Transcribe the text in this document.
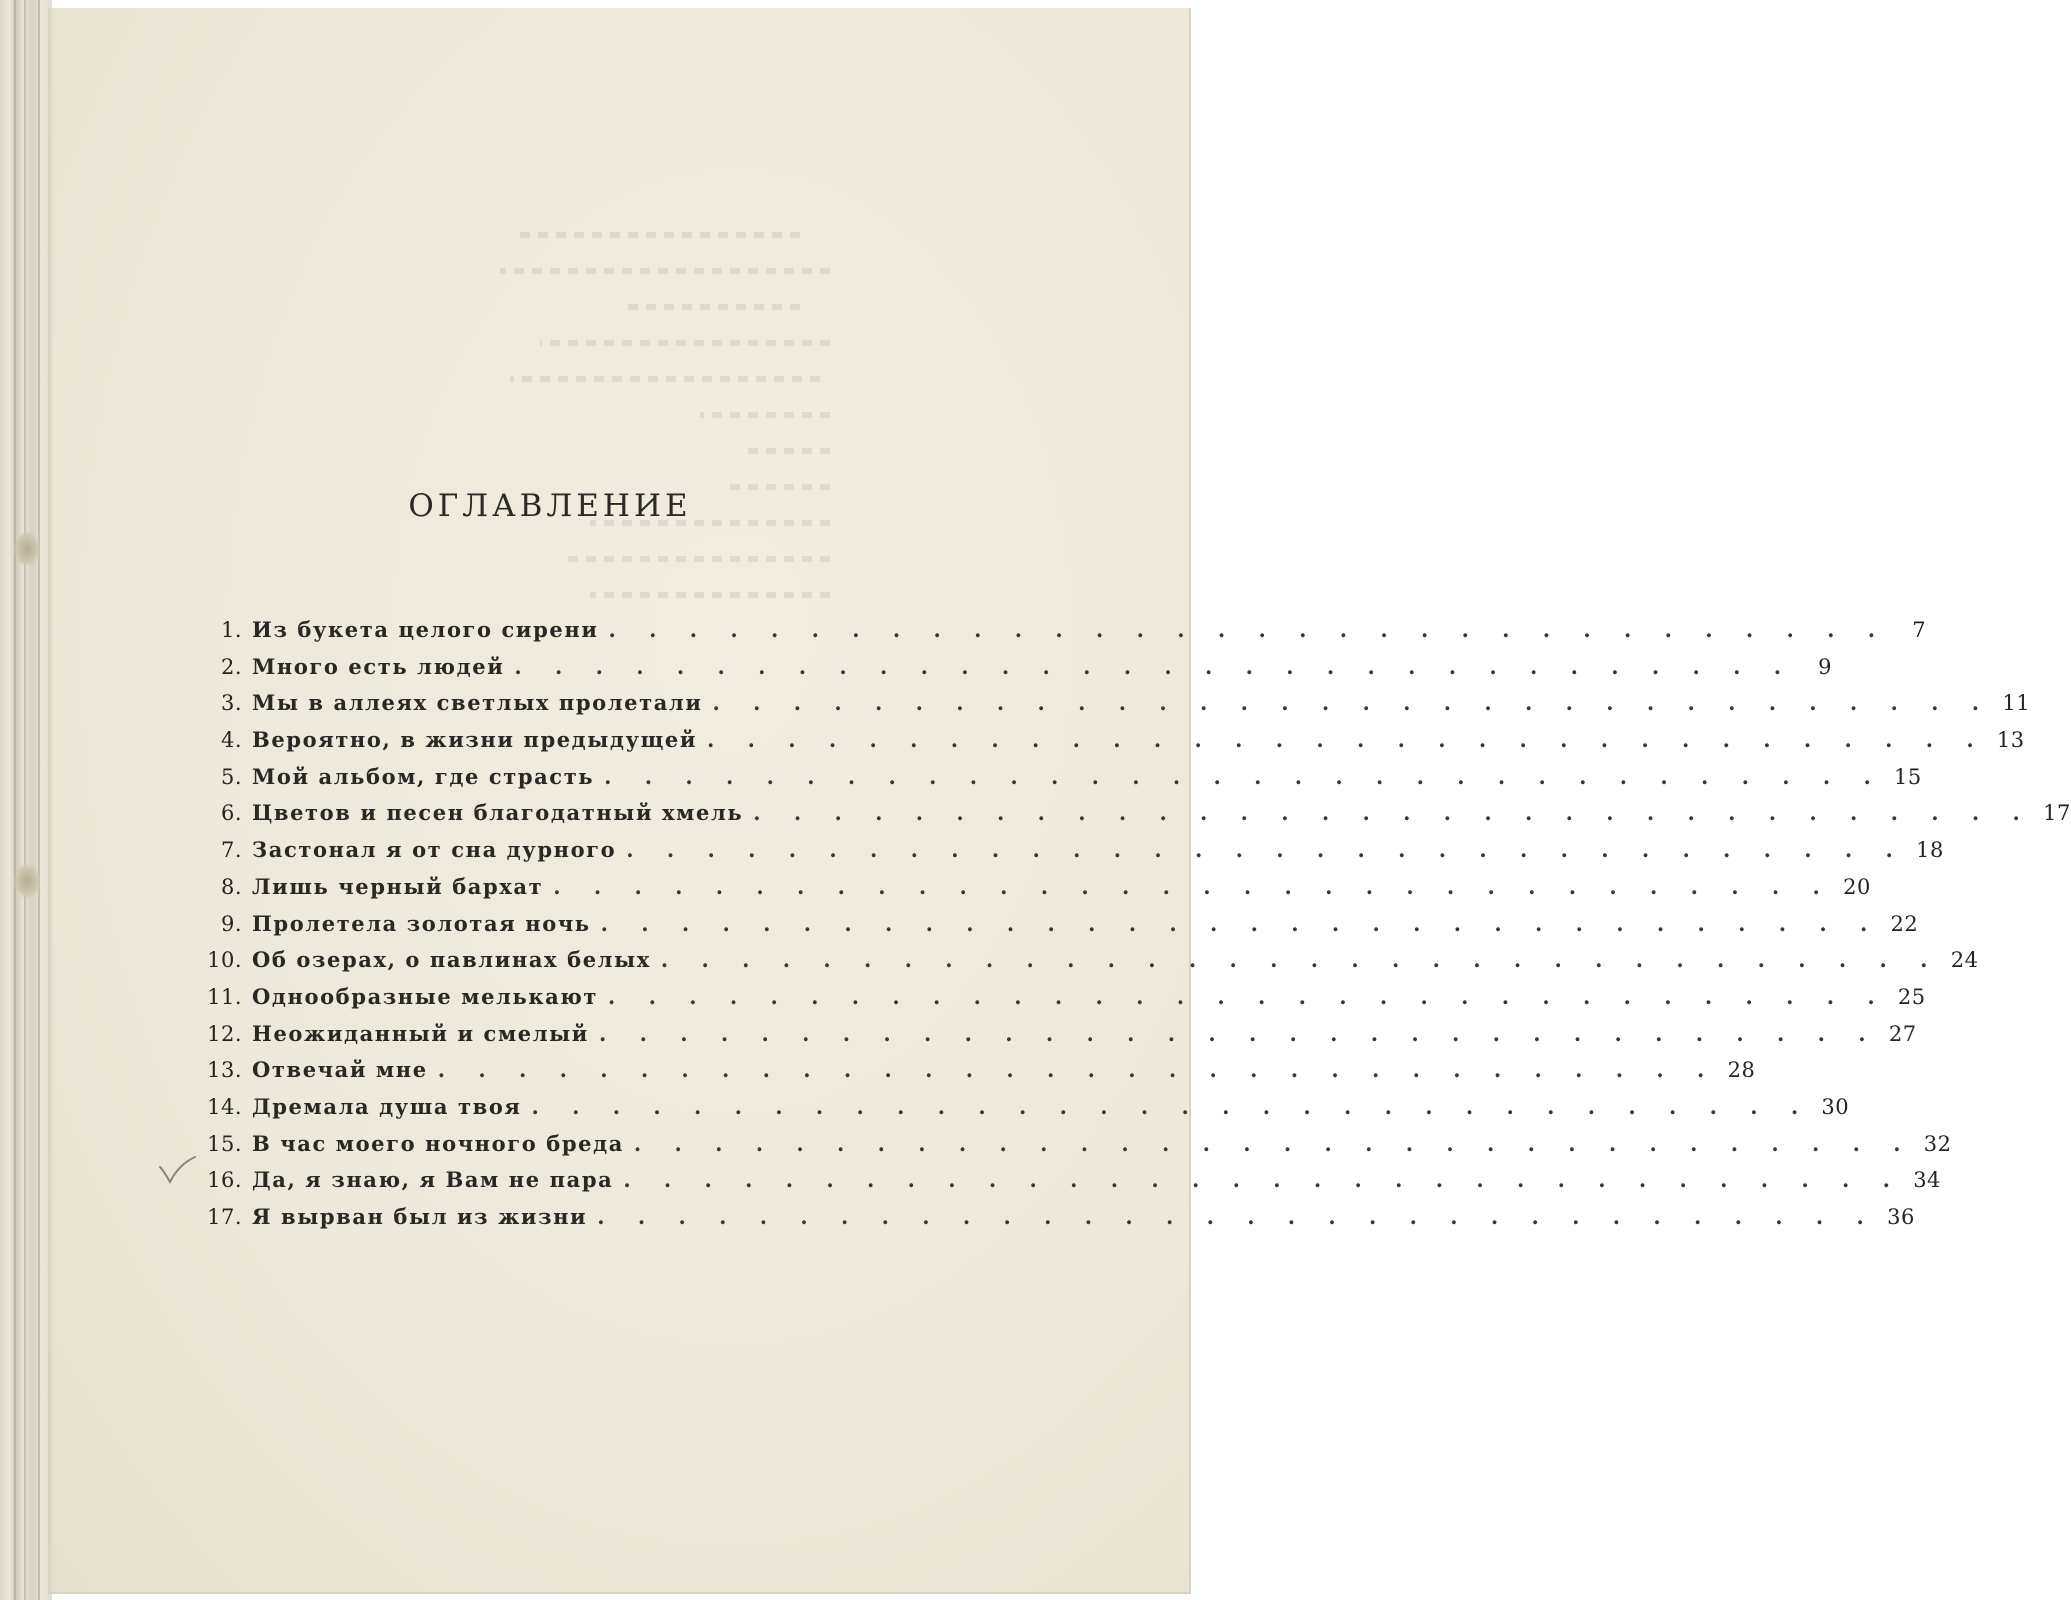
ОГЛАВЛЕНИЕ
1. Из букета целого сирени . . . . . . . . . . . . . . . . . . . . . . . . . . . . . . . .	7
2. Много есть людей . . . . . . . . . . . . . . . . . . . . . . . . . . . . . . . .	9
3. Мы в аллеях светлых пролетали . . . . . . . . . . . . . . . . . . . . . . . . . . . . . . . . 11
4. Вероятно, в жизни предыдущей . . . . . . . . . . . . . . . . . . . . . . . . . . . . . . . . 13
5. Мой альбом, где страсть . . . . . . . . . . . . . . . . . . . . . . . . . . . . . . . . 15
6. Цветов и песен благодатный хмель . . . . . . . . . . . . . . . . . . . . . . . . . . . . . . . . 17
7. Застонал я от сна дурного . . . . . . . . . . . . . . . . . . . . . . . . . . . . . . . . 18
8. Лишь черный бархат . . . . . . . . . . . . . . . . . . . . . . . . . . . . . . . . 20
9. Пролетела золотая ночь . . . . . . . . . . . . . . . . . . . . . . . . . . . . . . . . 22
10. Об озерах, о павлинах белых . . . . . . . . . . . . . . . . . . . . . . . . . . . . . . . . 24
11. Однообразные мелькают . . . . . . . . . . . . . . . . . . . . . . . . . . . . . . . . 25
12. Неожиданный и смелый . . . . . . . . . . . . . . . . . . . . . . . . . . . . . . . . 27
13. Отвечай мне . . . . . . . . . . . . . . . . . . . . . . . . . . . . . . . . 28
14. Дремала душа твоя . . . . . . . . . . . . . . . . . . . . . . . . . . . . . . . . 30
15. В час моего ночного бреда . . . . . . . . . . . . . . . . . . . . . . . . . . . . . . . . 32
16. Да, я знаю, я Вам не пара . . . . . . . . . . . . . . . . . . . . . . . . . . . . . . . . 34
17. Я вырван был из жизни . . . . . . . . . . . . . . . . . . . . . . . . . . . . . . . . 36
